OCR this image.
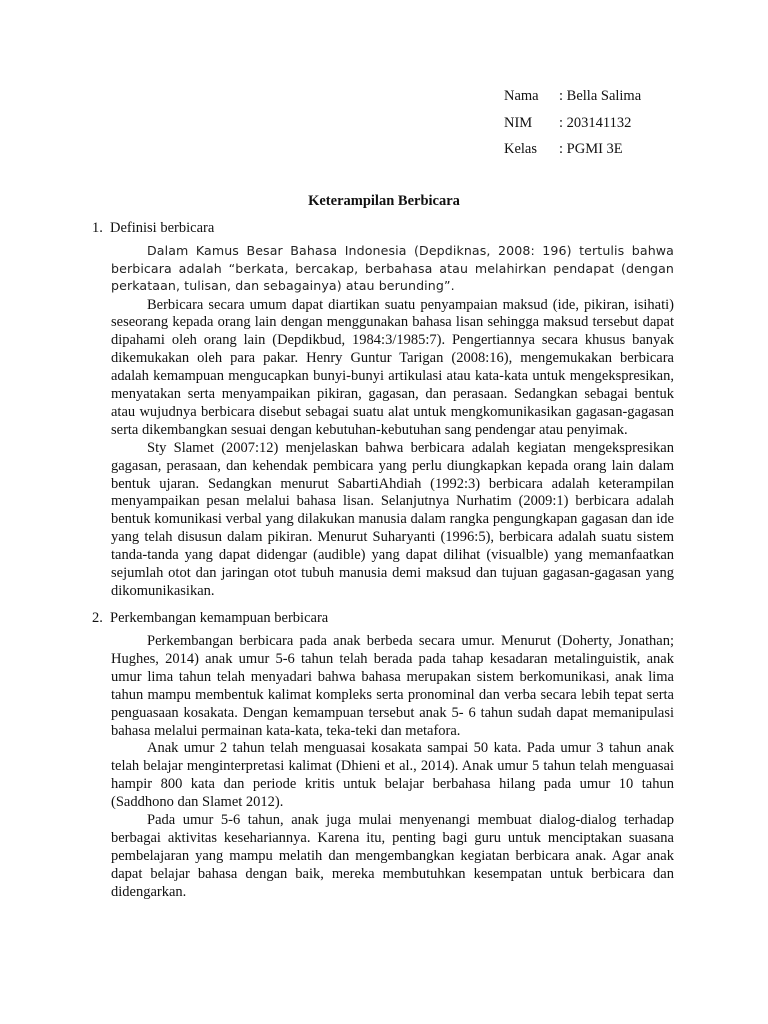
Nama	: Bella Salima
NIM	: 203141132
Kelas	: PGMI 3E
Keterampilan Berbicara
1. Definisi berbicara

Dalam Kamus Besar Bahasa Indonesia (Depdiknas, 2008: 196) tertulis bahwa berbicara adalah “berkata, bercakap, berbahasa atau melahirkan pendapat (dengan perkataan, tulisan, dan sebagainya) atau berunding”.

Berbicara secara umum dapat diartikan suatu penyampaian maksud (ide, pikiran, isihati) seseorang kepada orang lain dengan menggunakan bahasa lisan sehingga maksud tersebut dapat dipahami oleh orang lain (Depdikbud, 1984:3/1985:7). Pengertiannya secara khusus banyak dikemukakan oleh para pakar. Henry Guntur Tarigan (2008:16), mengemukakan berbicara adalah kemampuan mengucapkan bunyi-bunyi artikulasi atau kata-kata untuk mengekspresikan, menyatakan serta menyampaikan pikiran, gagasan, dan perasaan. Sedangkan sebagai bentuk atau wujudnya berbicara disebut sebagai suatu alat untuk mengkomunikasikan gagasan-gagasan serta dikembangkan sesuai dengan kebutuhan-kebutuhan sang pendengar atau penyimak.

Sty Slamet (2007:12) menjelaskan bahwa berbicara adalah kegiatan mengekspresikan gagasan, perasaan, dan kehendak pembicara yang perlu diungkapkan kepada orang lain dalam bentuk ujaran. Sedangkan menurut SabartiAhdiah (1992:3) berbicara adalah keterampilan menyampaikan pesan melalui bahasa lisan. Selanjutnya Nurhatim (2009:1) berbicara adalah bentuk komunikasi verbal yang dilakukan manusia dalam rangka pengungkapan gagasan dan ide yang telah disusun dalam pikiran. Menurut Suharyanti (1996:5), berbicara adalah suatu sistem tanda-tanda yang dapat didengar (audible) yang dapat dilihat (visualble) yang memanfaatkan sejumlah otot dan jaringan otot tubuh manusia demi maksud dan tujuan gagasan-gagasan yang dikomunikasikan.

2. Perkembangan kemampuan berbicara

Perkembangan berbicara pada anak berbeda secara umur. Menurut (Doherty, Jonathan; Hughes, 2014) anak umur 5-6 tahun telah berada pada tahap kesadaran metalinguistik, anak umur lima tahun telah menyadari bahwa bahasa merupakan sistem berkomunikasi, anak lima tahun mampu membentuk kalimat kompleks serta pronominal dan verba secara lebih tepat serta penguasaan kosakata. Dengan kemampuan tersebut anak 5- 6 tahun sudah dapat memanipulasi bahasa melalui permainan kata-kata, teka-teki dan metafora.

Anak umur 2 tahun telah menguasai kosakata sampai 50 kata. Pada umur 3 tahun anak telah belajar menginterpretasi kalimat (Dhieni et al., 2014). Anak umur 5 tahun telah menguasai hampir 800 kata dan periode kritis untuk belajar berbahasa hilang pada umur 10 tahun (Saddhono dan Slamet 2012).

Pada umur 5-6 tahun, anak juga mulai menyenangi membuat dialog-dialog terhadap berbagai aktivitas kesehariannya. Karena itu, penting bagi guru untuk menciptakan suasana pembelajaran yang mampu melatih dan mengembangkan kegiatan berbicara anak. Agar anak dapat belajar bahasa dengan baik, mereka membutuhkan kesempatan untuk berbicara dan didengarkan.
